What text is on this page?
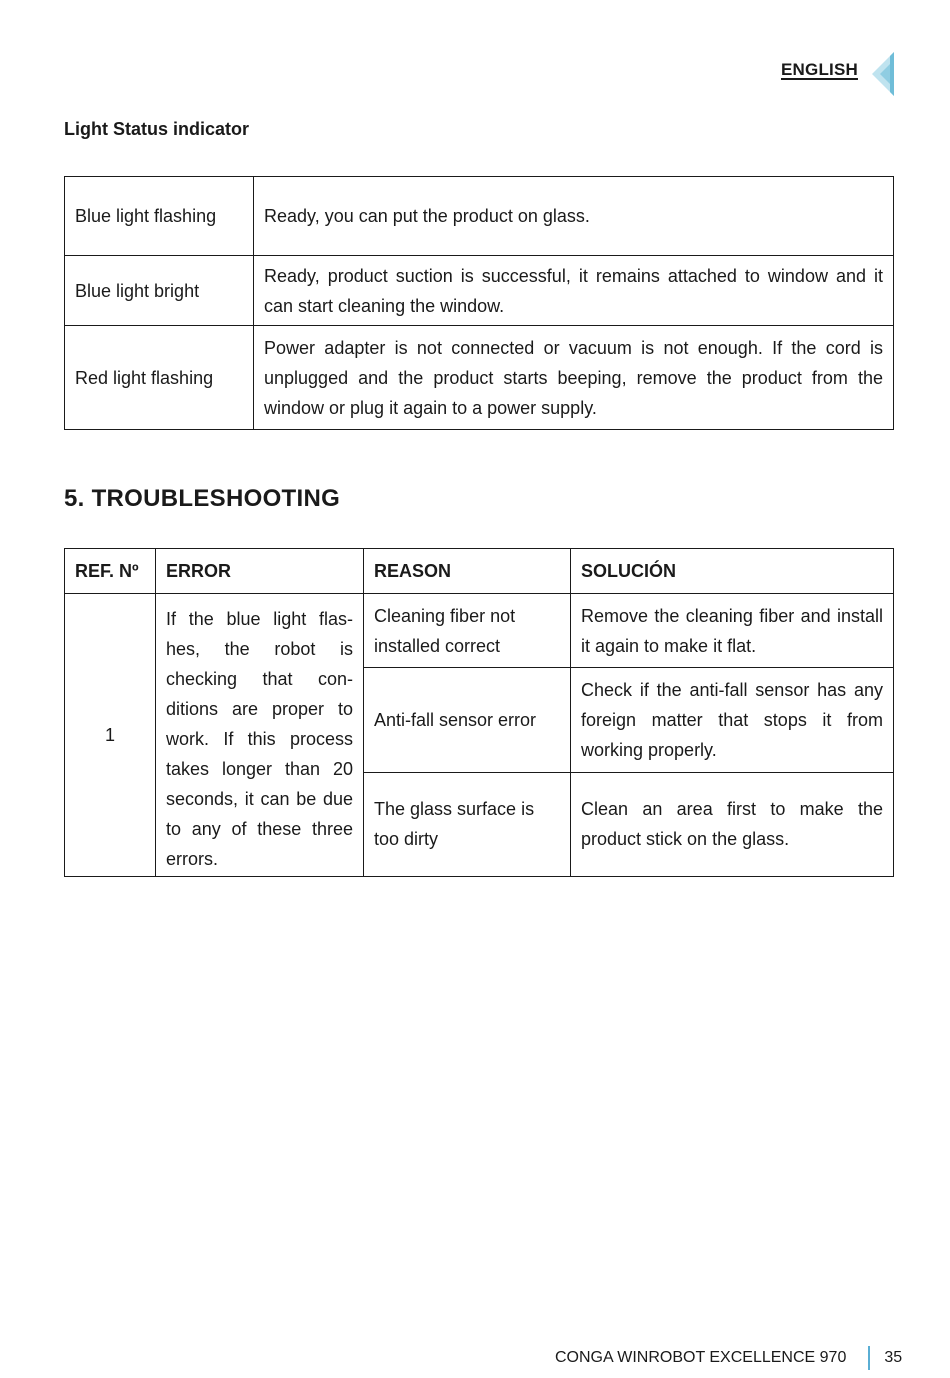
ENGLISH
Light Status indicator
Blue light flashing	Ready, you can put the product on glass.
Blue light bright	Ready, product suction is successful, it remains attached to window and it can start cleaning the window.
Red light flashing	Power adapter is not connected or vacuum is not enough. If the cord is unplugged and the product starts beeping, remove the product from the window or plug it again to a power supply.
5. TROUBLESHOOTING
REF. Nº	ERROR	REASON	SOLUCIÓN
1	If the blue light flas-hes, the robot is checking that con-ditions are proper to work. If this process takes longer than 20 seconds, it can be due to any of these three errors.	Cleaning fiber not installed correct	Remove the cleaning fiber and install it again to make it flat.
		Anti-fall sensor error	Check if the anti-fall sensor has any foreign matter that stops it from working properly.
		The glass surface is too dirty	Clean an area first to make the product stick on the glass.
CONGA WINROBOT EXCELLENCE 970 35
